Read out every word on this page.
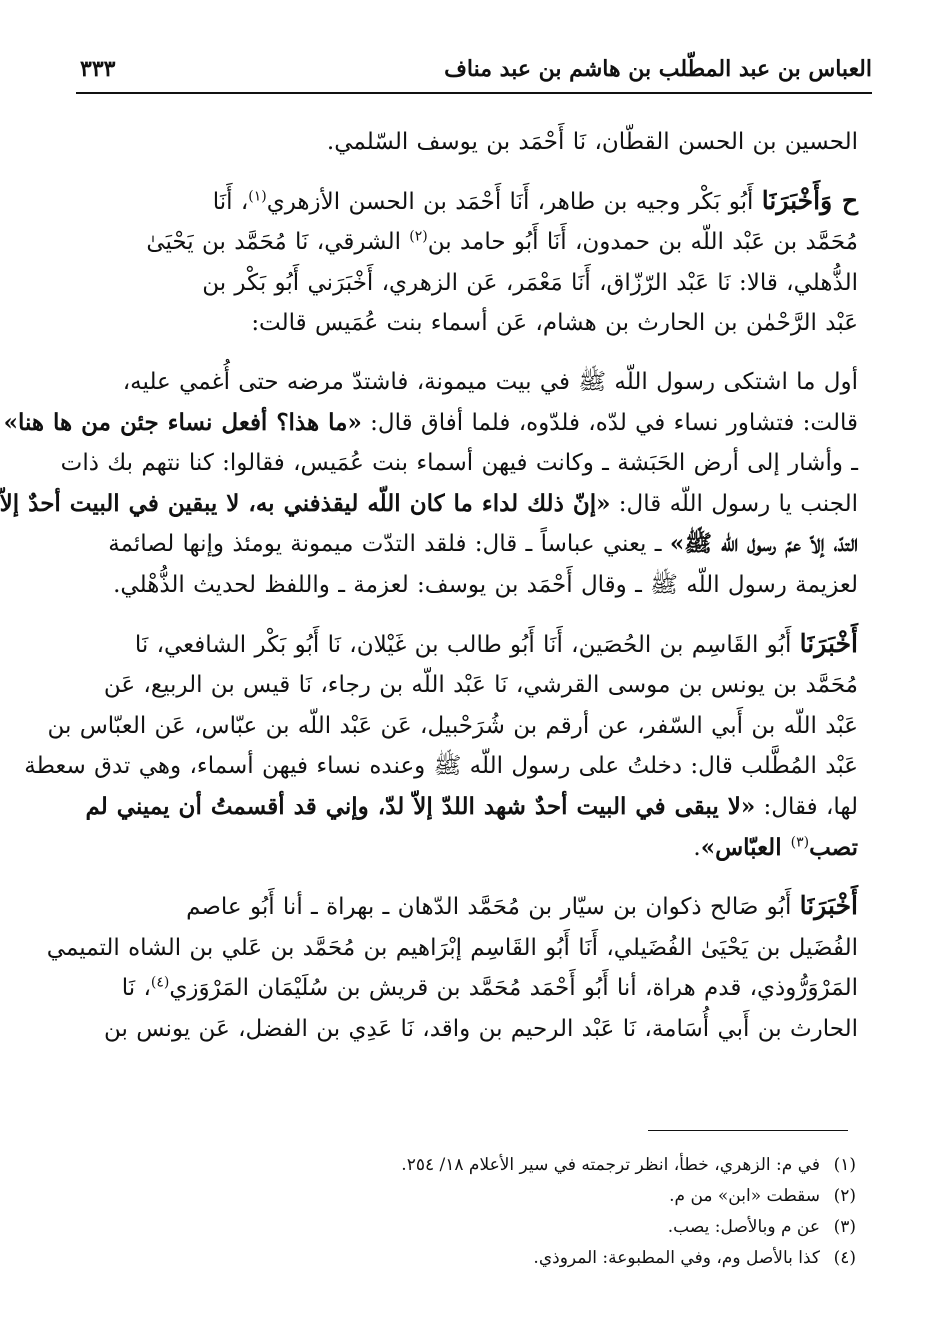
العباس بن عبد المطّلب بن هاشم بن عبد مناف
٣٣٣

الحسين بن الحسن القطّان، نَا أَحْمَد بن يوسف السّلمي.

ح وَأَخْبَرَنَا أَبُو بَكْر وجيه بن طاهر، أَنَا أَحْمَد بن الحسن الأزهري$^{(١)}$، أَنَا
مُحَمَّد بن عَبْد اللّه بن حمدون، أَنَا أَبُو حامد بن$^{(٢)}$ الشرقي، نَا مُحَمَّد بن يَحْيَىٰ
الذُّهلي، قالا: نَا عَبْد الرّزّاق، أَنَا مَعْمَر، عَن الزهري، أَخْبَرَني أَبُو بَكْر بن
عَبْد الرَّحْمٰن بن الحارث بن هشام، عَن أسماء بنت عُمَيس قالت:

أول ما اشتكى رسول اللّه ﷺ في بيت ميمونة، فاشتدّ مرضه حتى أُغمي عليه،
قالت: فتشاور نساء في لدّه، فلدّوه، فلما أفاق قال: «ما هذا؟ أفعل نساء جئن من ها هنا»
ـ وأشار إلى أرض الحَبَشة ـ وكانت فيهن أسماء بنت عُمَيس، فقالوا: كنا نتهم بك ذات
الجنب يا رسول اللّه قال: «إنّ ذلك لداء ما كان اللّه ليقذفني به، لا يبقين في البيت أحدٌ إلاّ
التدّ، إلاّ عمّ رسول اللّه ﷺ» ـ يعني عباساً ـ قال: فلقد التدّت ميمونة يومئذ وإنها لصائمة
لعزيمة رسول اللّه ﷺ ـ وقال أَحْمَد بن يوسف: لعزمة ـ واللفظ لحديث الذُّهْلي.

أَخْبَرَنَا أَبُو القَاسِم بن الحُصَين، أَنَا أَبُو طالب بن غَيْلان، نَا أَبُو بَكْر الشافعي، نَا
مُحَمَّد بن يونس بن موسى القرشي، نَا عَبْد اللّه بن رجاء، نَا قيس بن الربيع، عَن
عَبْد اللّه بن أَبي السّفر، عن أرقم بن شُرَحْبيل، عَن عَبْد اللّه بن عبّاس، عَن العبّاس بن
عَبْد المُطَّلب قال: دخلتُ على رسول اللّه ﷺ وعنده نساء فيهن أسماء، وهي تدق سعطة
لها، فقال: «لا يبقى في البيت أحدٌ شهد اللدّ إلاّ لدّ، وإني قد أقسمتُ أن يميني لم
تصب$^{(٣)}$ العبّاس».

أَخْبَرَنَا أَبُو صَالح ذكوان بن سيّار بن مُحَمَّد الدّهان ـ بهراة ـ أنا أَبُو عاصم
الفُضَيل بن يَحْيَىٰ الفُضَيلي، أَنَا أَبُو القَاسِم إبْرَاهيم بن مُحَمَّد بن عَلي بن الشاه التميمي
المَرْوَرُّوذي، قدم هراة، أنا أَبُو أَحْمَد مُحَمَّد بن قريش بن سُلَيْمَان المَرْوَزي$^{(٤)}$، نَا
الحارث بن أَبي أُسَامة، نَا عَبْد الرحيم بن واقد، نَا عَدِي بن الفضل، عَن يونس بن

(١)في م: الزهري، خطأ، انظر ترجمته في سير الأعلام ١٨/ ٢٥٤.
(٢)سقطت «ابن» من م.
(٣)عن م وبالأصل: يصب.
(٤)كذا بالأصل وم، وفي المطبوعة: المروذي.
